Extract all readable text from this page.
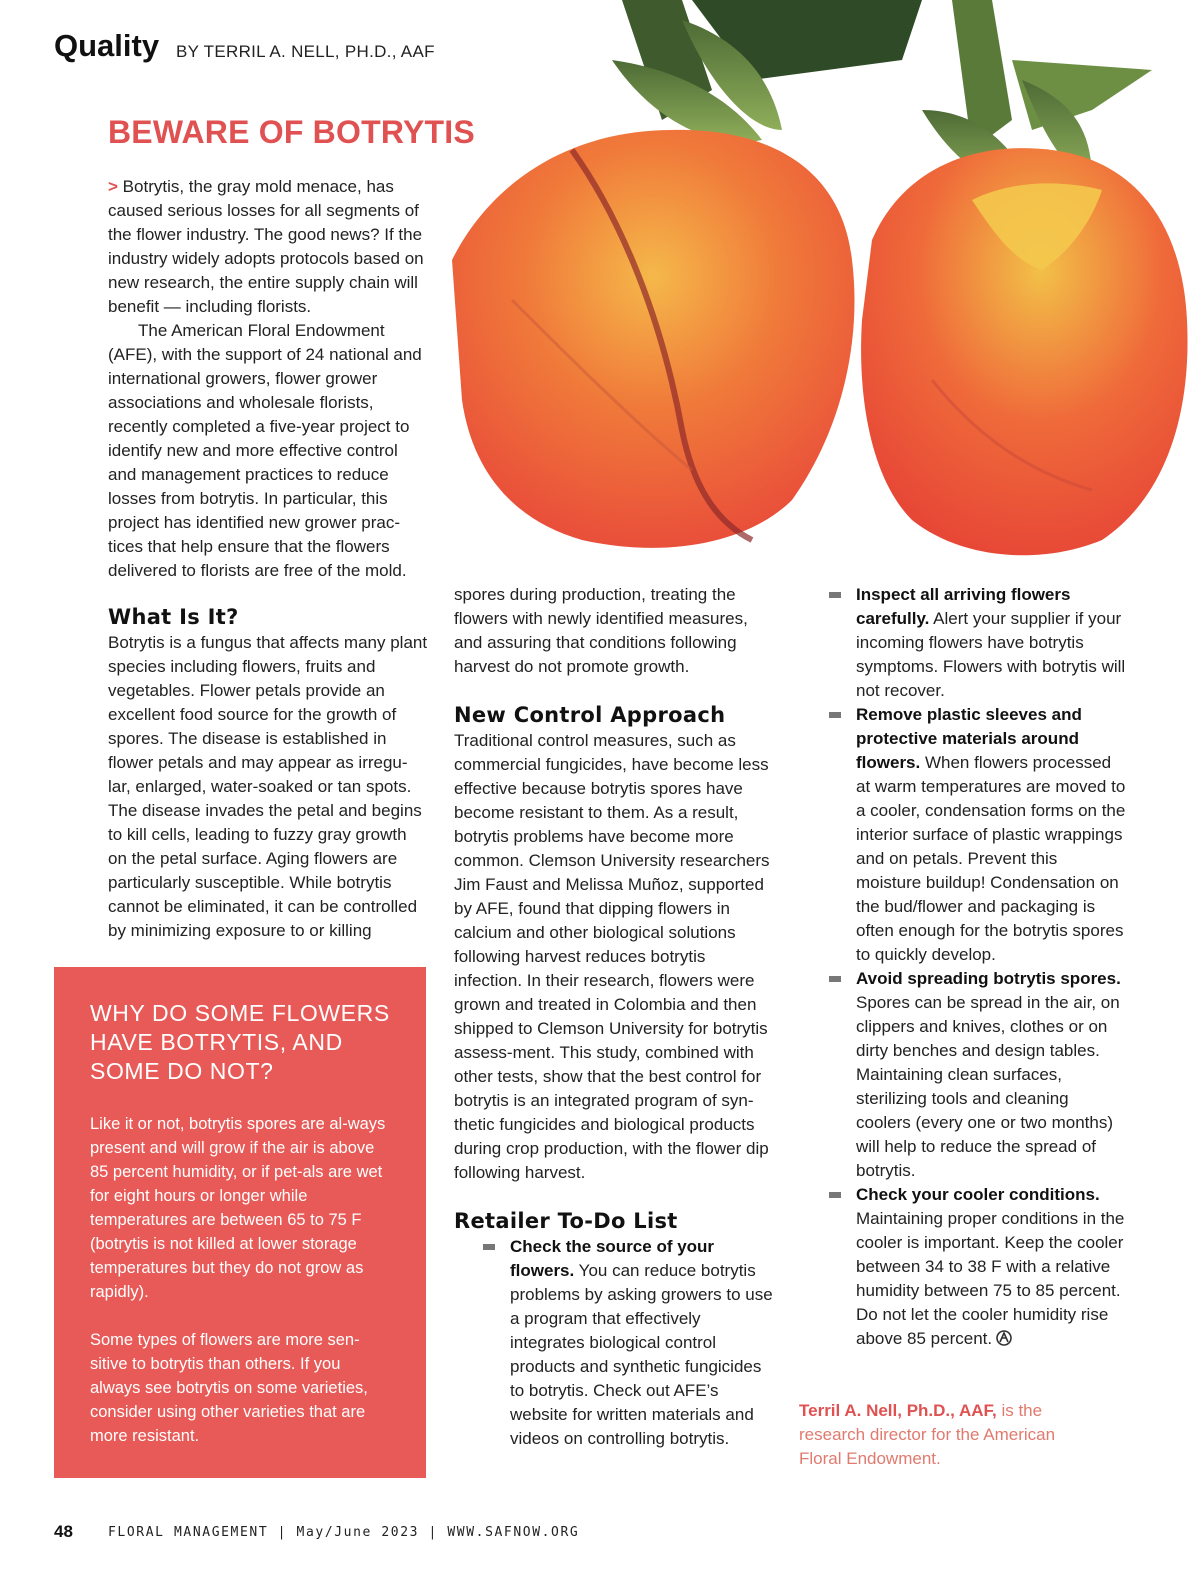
Quality BY TERRIL A. NELL, PH.D., AAF
BEWARE OF BOTRYTIS

> Botrytis, the gray mold menace, has caused serious losses for all segments of the flower industry. The good news? If the industry widely adopts protocols based on new research, the entire supply chain will benefit — including florists.

The American Floral Endowment (AFE), with the support of 24 national and international growers, flower grower associations and wholesale florists, recently completed a five-year project to identify new and more effective control and management practices to reduce losses from botrytis. In particular, this project has identified new grower prac-tices that help ensure that the flowers delivered to florists are free of the mold.

What Is It?

Botrytis is a fungus that affects many plant species including flowers, fruits and vegetables. Flower petals provide an excellent food source for the growth of spores. The disease is established in flower petals and may appear as irregu-lar, enlarged, water-soaked or tan spots. The disease invades the petal and begins to kill cells, leading to fuzzy gray growth on the petal surface. Aging flowers are particularly susceptible. While botrytis cannot be eliminated, it can be controlled by minimizing exposure to or killing

WHY DO SOME FLOWERS HAVE BOTRYTIS, AND SOME DO NOT?

Like it or not, botrytis spores are al-ways present and will grow if the air is above 85 percent humidity, or if pet-als are wet for eight hours or longer while temperatures are between 65 to 75 F (botrytis is not killed at lower storage temperatures but they do not grow as rapidly).

Some types of flowers are more sen-sitive to botrytis than others. If you always see botrytis on some varieties, consider using other varieties that are more resistant.

spores during production, treating the flowers with newly identified measures, and assuring that conditions following harvest do not promote growth.

New Control Approach

Traditional control measures, such as commercial fungicides, have become less effective because botrytis spores have become resistant to them. As a result, botrytis problems have become more common. Clemson University researchers Jim Faust and Melissa Muñoz, supported by AFE, found that dipping flowers in calcium and other biological solutions following harvest reduces botrytis infection. In their research, flowers were grown and treated in Colombia and then shipped to Clemson University for botrytis assess-ment. This study, combined with other tests, show that the best control for botrytis is an integrated program of syn-thetic fungicides and biological products during crop production, with the flower dip following harvest.

Retailer To-Do List
Check the source of your flowers. You can reduce botrytis problems by asking growers to use a program that effectively integrates biological control products and synthetic fungicides to botrytis. Check out AFE’s website for written materials and videos on controlling botrytis.
Inspect all arriving flowers carefully. Alert your supplier if your incoming flowers have botrytis symptoms. Flowers with botrytis will not recover.
Remove plastic sleeves and protective materials around flowers. When flowers processed at warm temperatures are moved to a cooler, condensation forms on the interior surface of plastic wrappings and on petals. Prevent this moisture buildup! Condensation on the bud/flower and packaging is often enough for the botrytis spores to quickly develop.
Avoid spreading botrytis spores. Spores can be spread in the air, on clippers and knives, clothes or on dirty benches and design tables. Maintaining clean surfaces, sterilizing tools and cleaning coolers (every one or two months) will help to reduce the spread of botrytis.
Check your cooler conditions. Maintaining proper conditions in the cooler is important. Keep the cooler between 34 to 38 F with a relative humidity between 75 to 85 percent. Do not let the cooler humidity rise above 85 percent.
Terril A. Nell, Ph.D., AAF, is the research director for the American Floral Endowment.
48	FLORAL MANAGEMENT | May/June 2023 | WWW.SAFNOW.ORG
